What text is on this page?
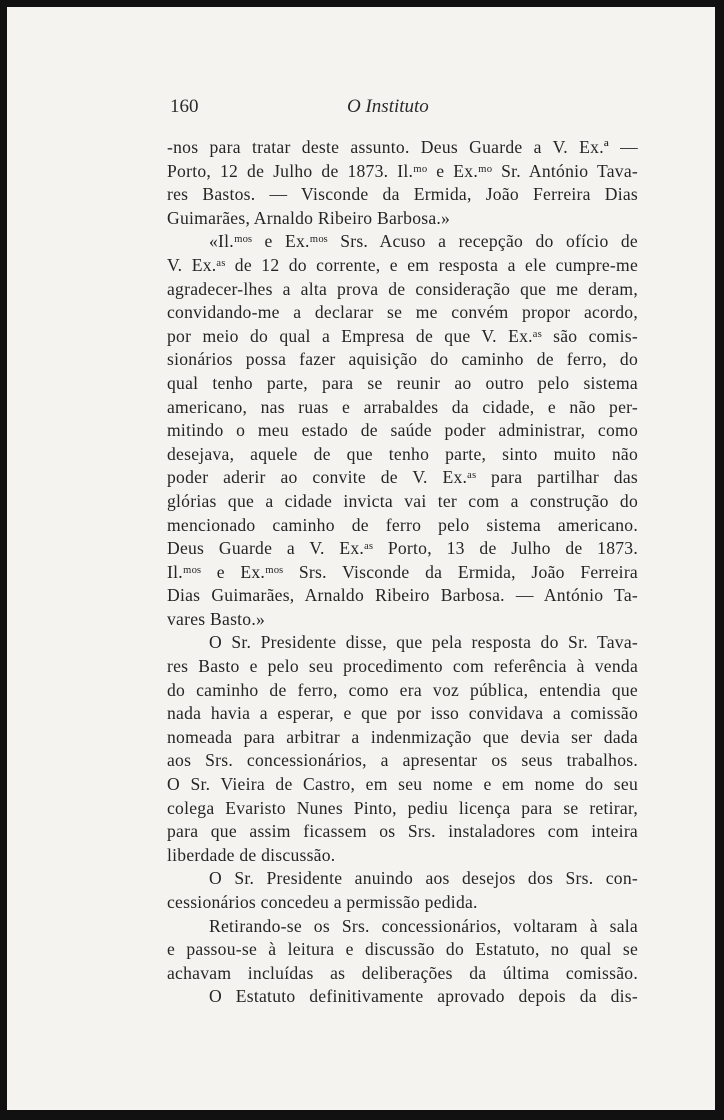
160	O Instituto
-nos para tratar deste assunto. Deus Guarde a V. Ex.ª —
Porto, 12 de Julho de 1873. Il.ᵐᵒ e Ex.ᵐᵒ Sr. António Tava-
res Bastos. — Visconde da Ermida, João Ferreira Dias
Guimarães, Arnaldo Ribeiro Barbosa.»
«Il.ᵐᵒˢ e Ex.ᵐᵒˢ Srs. Acuso a recepção do ofício de
V. Ex.ᵃˢ de 12 do corrente, e em resposta a ele cumpre-me
agradecer-lhes a alta prova de consideração que me deram,
convidando-me a declarar se me convém propor acordo,
por meio do qual a Empresa de que V. Ex.ᵃˢ são comis-
sionários possa fazer aquisição do caminho de ferro, do
qual tenho parte, para se reunir ao outro pelo sistema
americano, nas ruas e arrabaldes da cidade, e não per-
mitindo o meu estado de saúde poder administrar, como
desejava, aquele de que tenho parte, sinto muito não
poder aderir ao convite de V. Ex.ᵃˢ para partilhar das
glórias que a cidade invicta vai ter com a construção do
mencionado caminho de ferro pelo sistema americano.
Deus Guarde a V. Ex.ᵃˢ Porto, 13 de Julho de 1873.
Il.ᵐᵒˢ e Ex.ᵐᵒˢ Srs. Visconde da Ermida, João Ferreira
Dias Guimarães, Arnaldo Ribeiro Barbosa. — António Ta-
vares Basto.»
O Sr. Presidente disse, que pela resposta do Sr. Tava-
res Basto e pelo seu procedimento com referência à venda
do caminho de ferro, como era voz pública, entendia que
nada havia a esperar, e que por isso convidava a comissão
nomeada para arbitrar a indenmização que devia ser dada
aos Srs. concessionários, a apresentar os seus trabalhos.
O Sr. Vieira de Castro, em seu nome e em nome do seu
colega Evaristo Nunes Pinto, pediu licença para se retirar,
para que assim ficassem os Srs. instaladores com inteira
liberdade de discussão.
O Sr. Presidente anuindo aos desejos dos Srs. con-
cessionários concedeu a permissão pedida.
Retirando-se os Srs. concessionários, voltaram à sala
e passou-se à leitura e discussão do Estatuto, no qual se
achavam incluídas as deliberações da última comissão.
O Estatuto definitivamente aprovado depois da dis-
